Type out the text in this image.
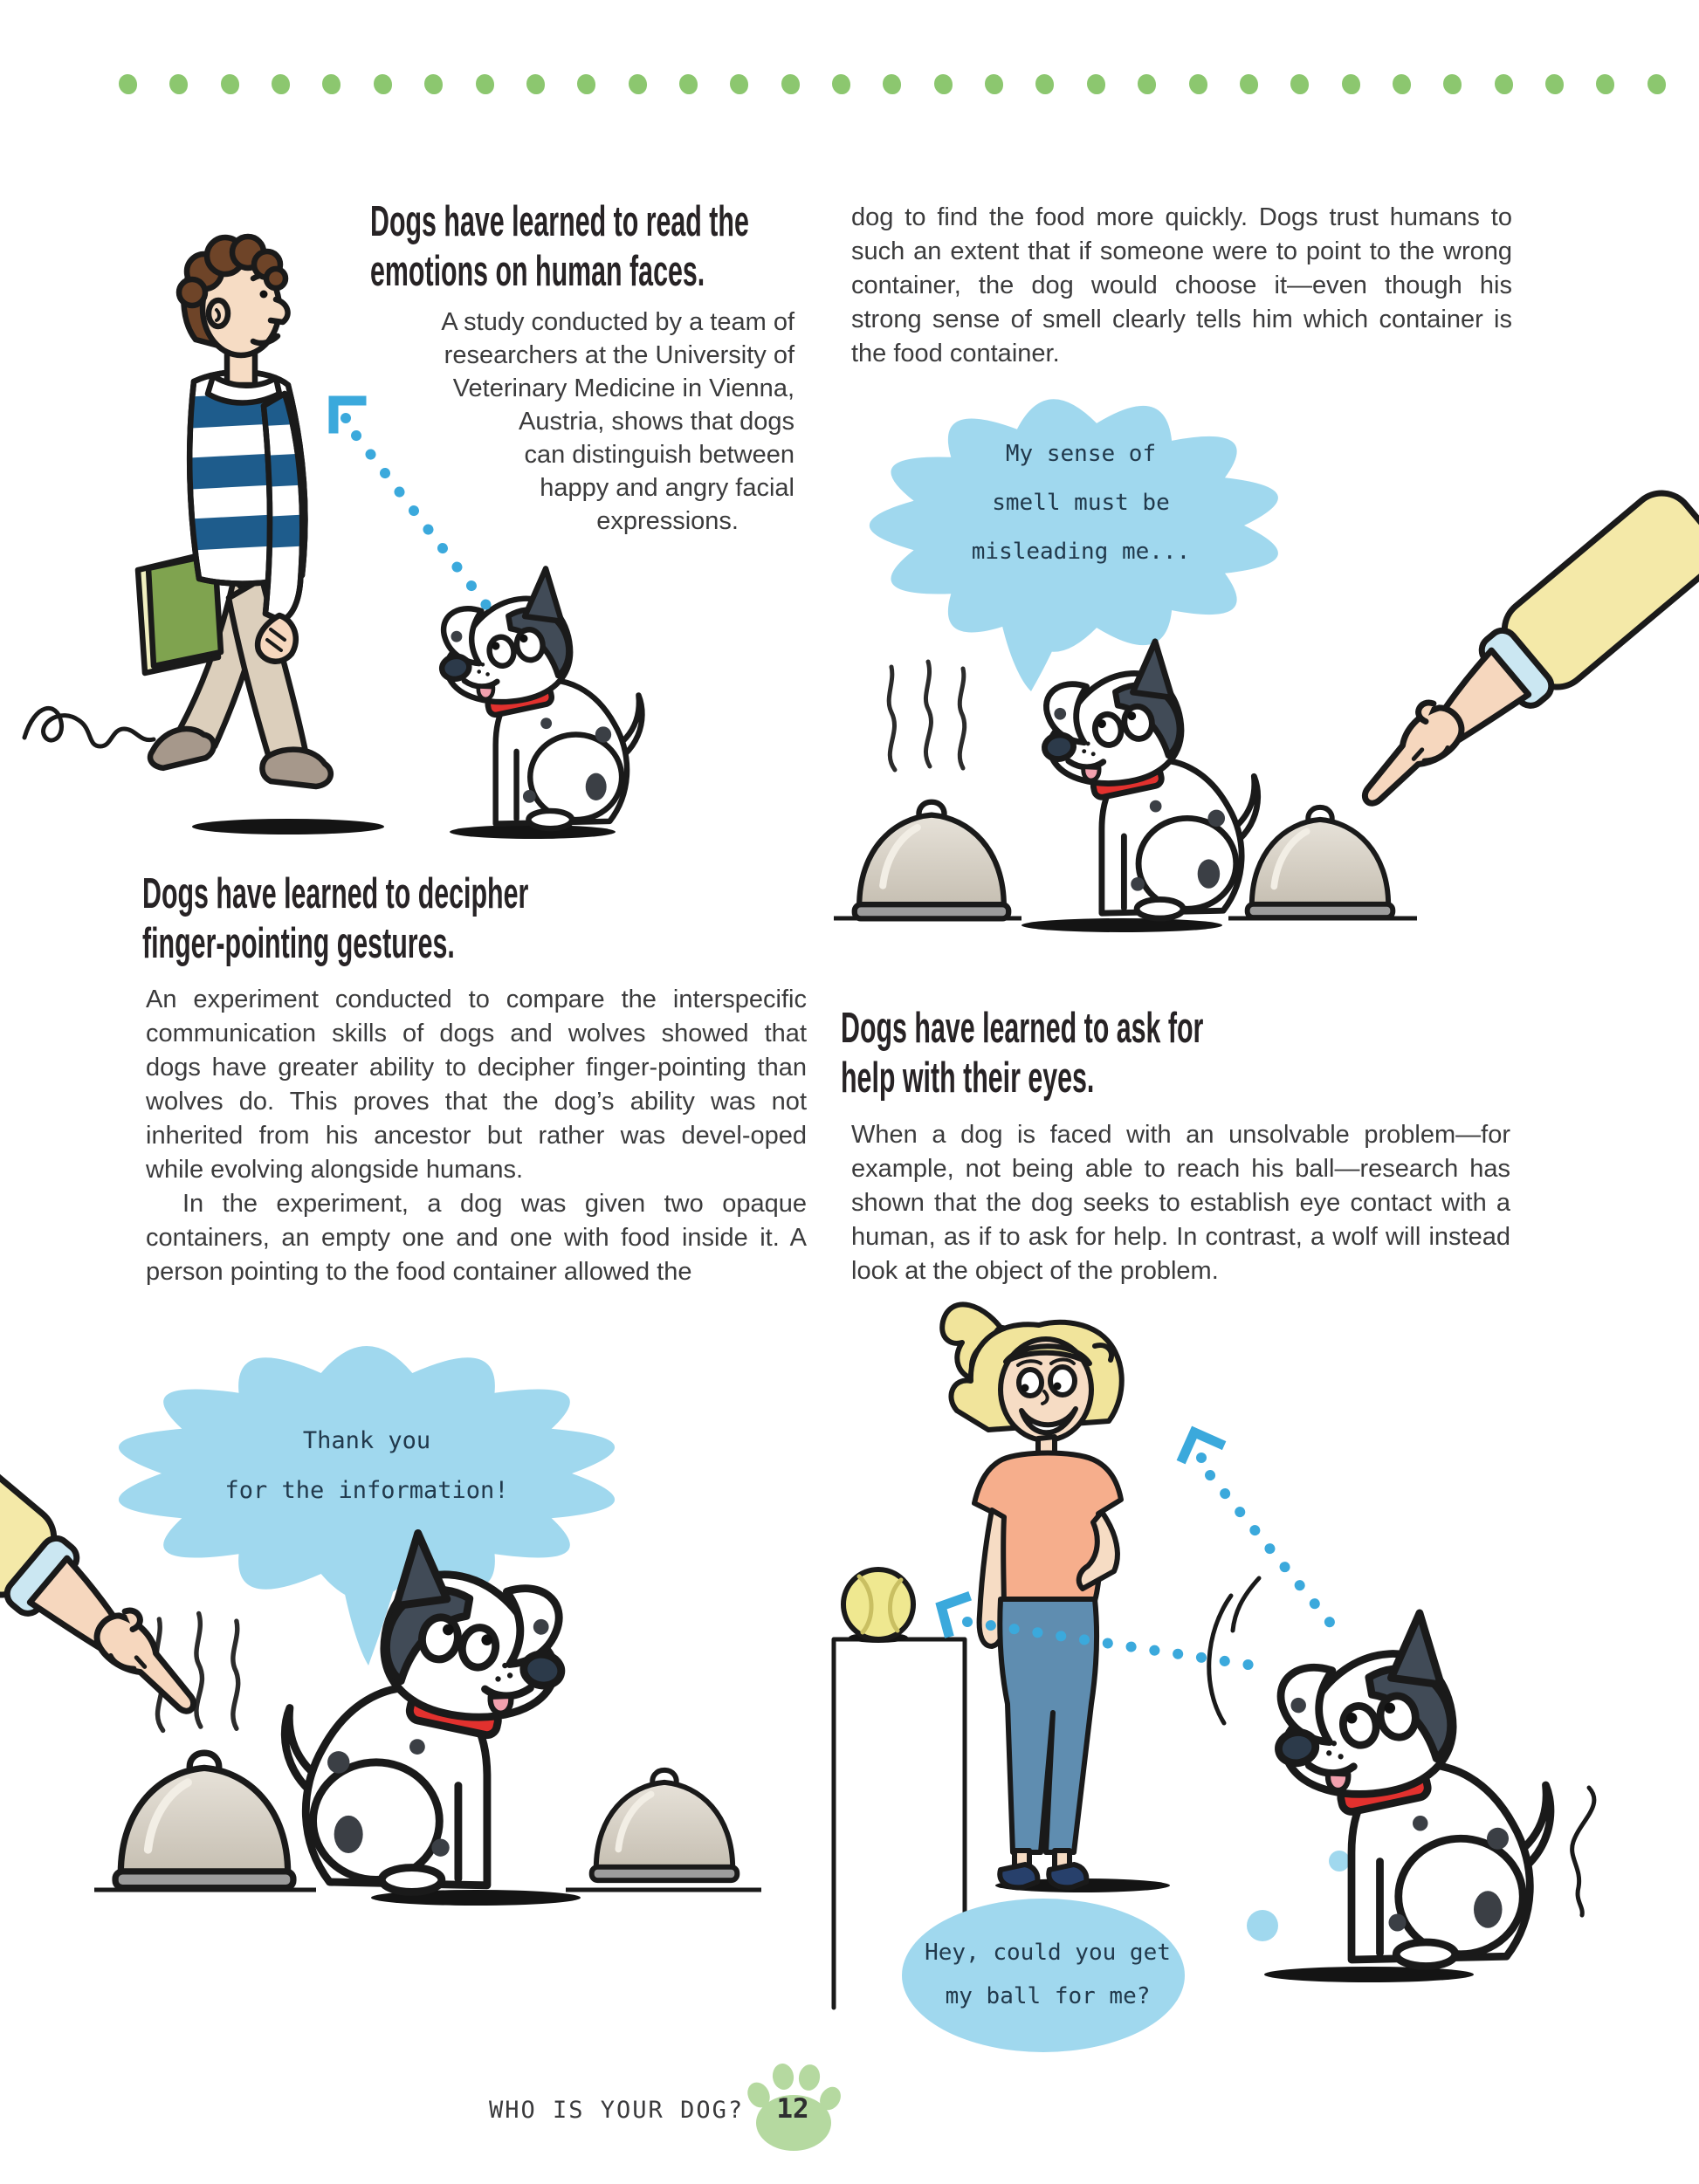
Dogs have learned to read the
emotions on human faces.
A study conducted by a team of
researchers at the University of
Veterinary Medicine in Vienna,
Austria, shows that dogs
can distinguish between
happy and angry facial
expressions.

dog to find the food more quickly. Dogs trust humans to such an extent that if someone were to point to the wrong container, the dog would choose it—even though his strong sense of smell clearly tells him which container is the food container.

My sense of
smell must be
misleading me...
Dogs have learned to decipher
finger-pointing gestures.

An experiment conducted to compare the interspecific communication skills of dogs and wolves showed that dogs have greater ability to decipher finger-pointing than wolves do. This proves that the dog’s ability was not inherited from his ancestor but rather was devel-oped while evolving alongside humans.

In the experiment, a dog was given two opaque containers, an empty one and one with food inside it. A person pointing to the food container allowed the

Dogs have learned to ask for
help with their eyes.

When a dog is faced with an unsolvable problem—for example, not being able to reach his ball—research has shown that the dog seeks to establish eye contact with a human, as if to ask for help. In contrast, a wolf will instead look at the object of the problem.

Thank you
for the information!
Hey, could you get
my ball for me?
WHO IS YOUR DOG?	12
